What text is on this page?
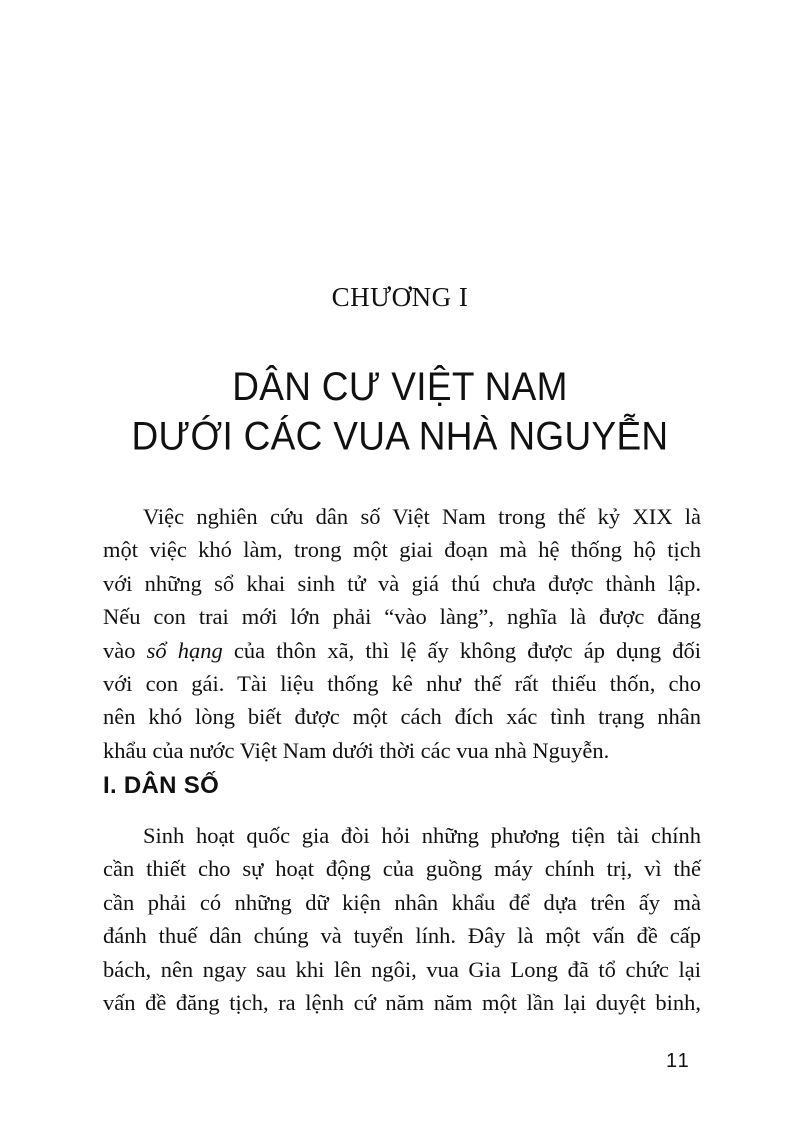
CHƯƠNG I
DÂN CƯ VIỆT NAM
DƯỚI CÁC VUA NHÀ NGUYỄN
Việc nghiên cứu dân số Việt Nam trong thế kỷ XIX là
một việc khó làm, trong một giai đoạn mà hệ thống hộ tịch
với những sổ khai sinh tử và giá thú chưa được thành lập.
Nếu con trai mới lớn phải “vào làng”, nghĩa là được đăng
vào sổ hạng của thôn xã, thì lệ ấy không được áp dụng đối
với con gái. Tài liệu thống kê như thế rất thiếu thốn, cho
nên khó lòng biết được một cách đích xác tình trạng nhân
khẩu của nước Việt Nam dưới thời các vua nhà Nguyễn.
I. DÂN SỐ
Sinh hoạt quốc gia đòi hỏi những phương tiện tài chính
cần thiết cho sự hoạt động của guồng máy chính trị, vì thế
cần phải có những dữ kiện nhân khẩu để dựa trên ấy mà
đánh thuế dân chúng và tuyển lính. Đây là một vấn đề cấp
bách, nên ngay sau khi lên ngôi, vua Gia Long đã tổ chức lại
vấn đề đăng tịch, ra lệnh cứ năm năm một lần lại duyệt binh,
11
